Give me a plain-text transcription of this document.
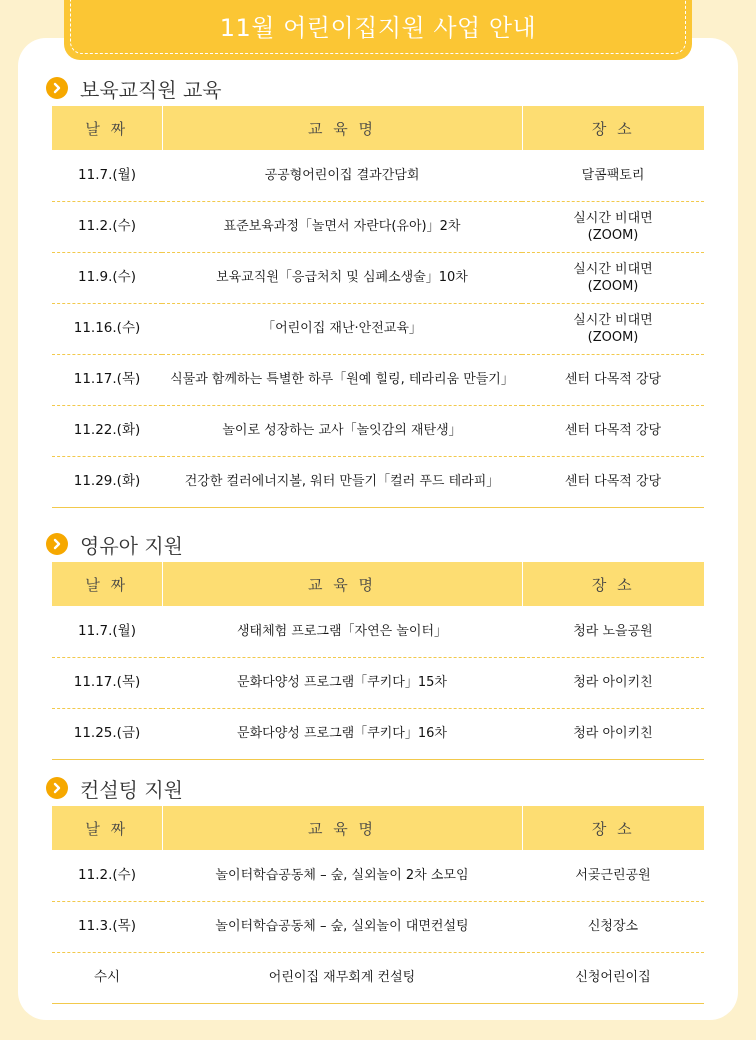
11월 어린이집지원 사업 안내
보육교직원 교육
날 짜	교 육 명	장 소
11.7.(월)	공공형어린이집 결과간담회	달콤팩토리
11.2.(수)	표준보육과정「놀면서 자란다(유아)」2차	실시간 비대면
(ZOOM)
11.9.(수)	보육교직원「응급처치 및 심폐소생술」10차	실시간 비대면
(ZOOM)
11.16.(수)	「어린이집 재난·안전교육」	실시간 비대면
(ZOOM)
11.17.(목)	식물과 함께하는 특별한 하루「원예 힐링, 테라리움 만들기」	센터 다목적 강당
11.22.(화)	놀이로 성장하는 교사「놀잇감의 재탄생」	센터 다목적 강당
11.29.(화)	건강한 컬러에너지볼, 워터 만들기「컬러 푸드 테라피」	센터 다목적 강당
영유아 지원
날 짜	교 육 명	장 소
11.7.(월)	생태체험 프로그램「자연은 놀이터」	청라 노을공원
11.17.(목)	문화다양성 프로그램「쿠키다」15차	청라 아이키친
11.25.(금)	문화다양성 프로그램「쿠키다」16차	청라 아이키친
컨설팅 지원
날 짜	교 육 명	장 소
11.2.(수)	놀이터학습공동체 – 숲, 실외놀이 2차 소모임	서곶근린공원
11.3.(목)	놀이터학습공동체 – 숲, 실외놀이 대면컨설팅	신청장소
수시	어린이집 재무회계 컨설팅	신청어린이집
